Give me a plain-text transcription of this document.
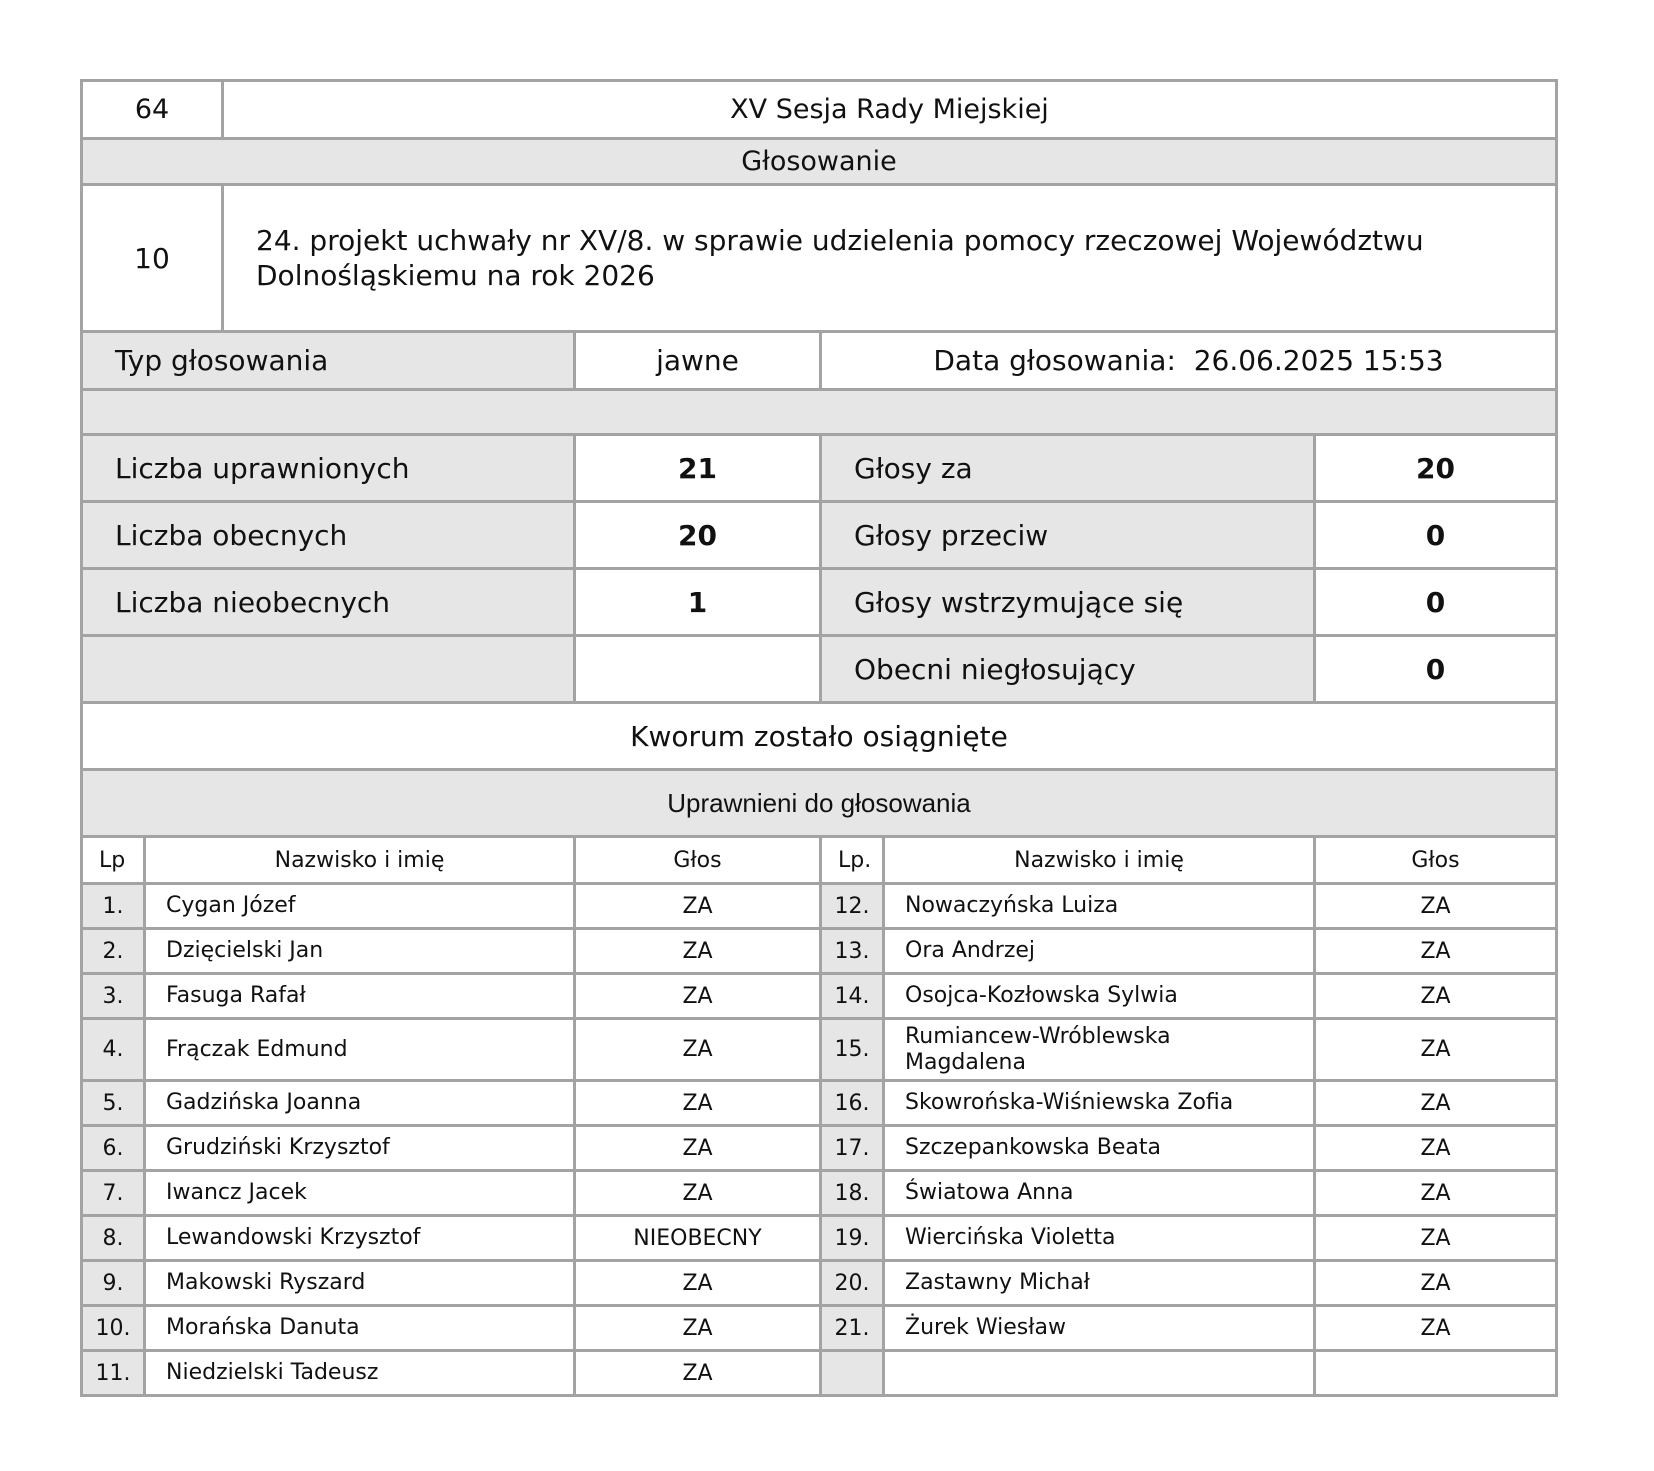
64	XV Sesja Rady Miejskiej
Głosowanie
10	24. projekt uchwały nr XV/8. w sprawie udzielenia pomocy rzeczowej Województwu
Dolnośląskiemu na rok 2026
Typ głosowania	jawne	Data głosowania: 26.06.2025 15:53
Liczba uprawnionych	21	Głosy za	20
Liczba obecnych	20	Głosy przeciw	0
Liczba nieobecnych	1	Głosy wstrzymujące się	0
		Obecni niegłosujący	0
Kworum zostało osiągnięte
Uprawnieni do głosowania
Lp	Nazwisko i imię	Głos	Lp.	Nazwisko i imię	Głos
1.	Cygan Józef	ZA	12.	Nowaczyńska Luiza	ZA
2.	Dzięcielski Jan	ZA	13.	Ora Andrzej	ZA
3.	Fasuga Rafał	ZA	14.	Osojca-Kozłowska Sylwia	ZA
4.	Frączak Edmund	ZA	15.	Rumiancew-Wróblewska
Magdalena	ZA
5.	Gadzińska Joanna	ZA	16.	Skowrońska-Wiśniewska Zofia	ZA
6.	Grudziński Krzysztof	ZA	17.	Szczepankowska Beata	ZA
7.	Iwancz Jacek	ZA	18.	Światowa Anna	ZA
8.	Lewandowski Krzysztof	NIEOBECNY	19.	Wiercińska Violetta	ZA
9.	Makowski Ryszard	ZA	20.	Zastawny Michał	ZA
10.	Morańska Danuta	ZA	21.	Żurek Wiesław	ZA
11.	Niedzielski Tadeusz	ZA			
